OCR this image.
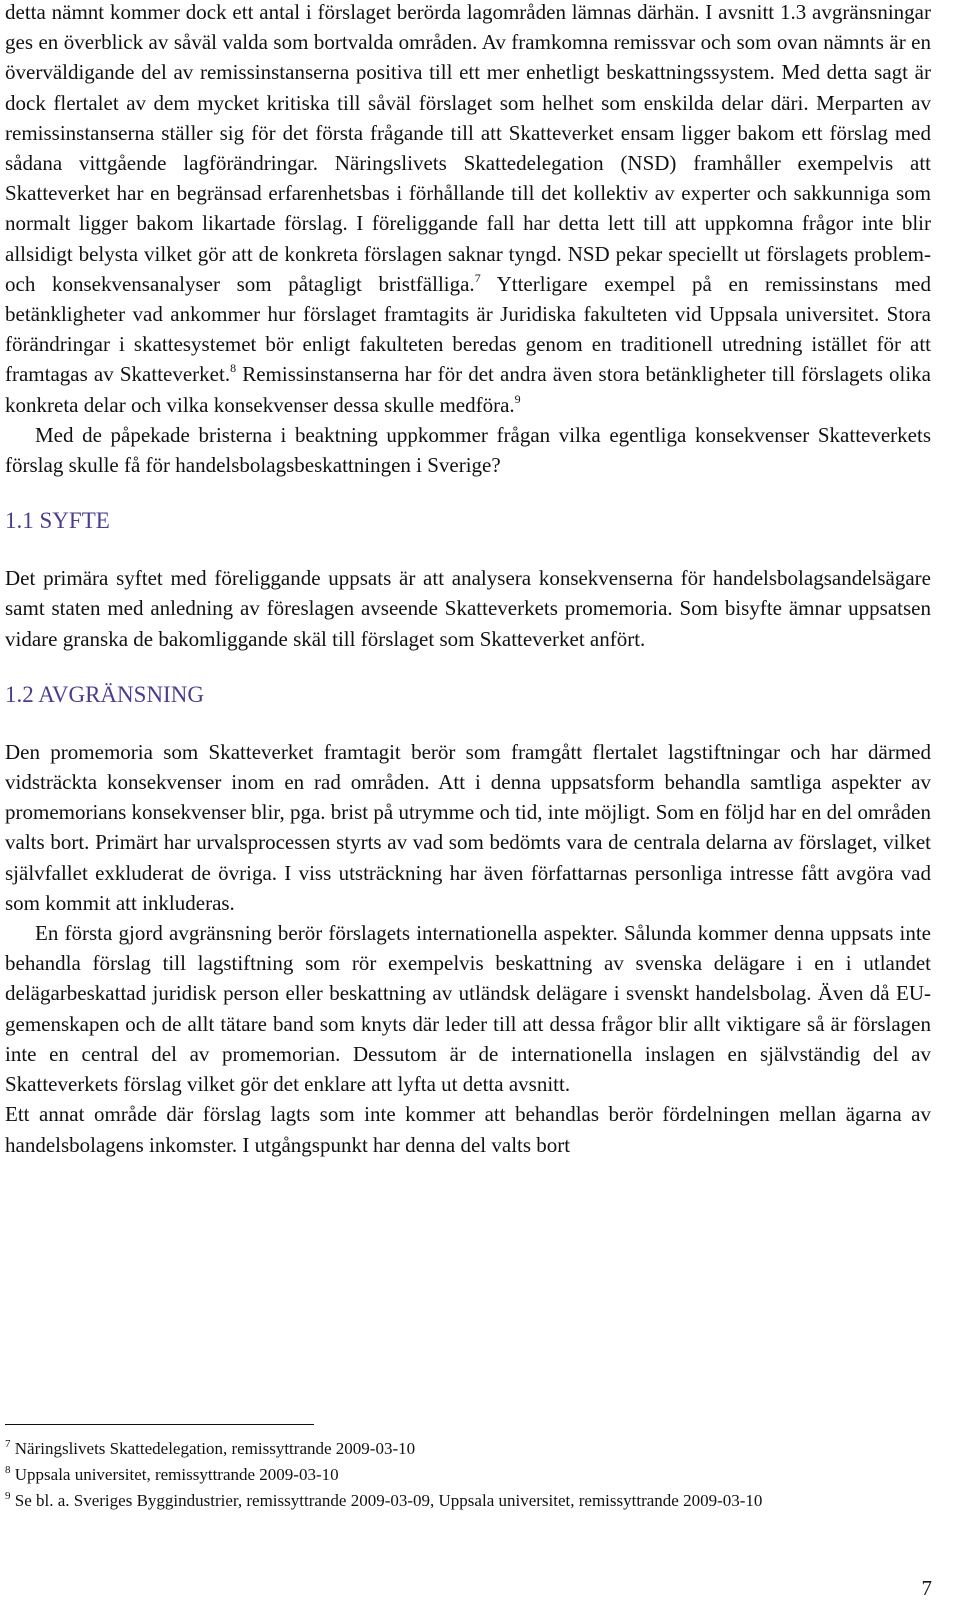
detta nämnt kommer dock ett antal i förslaget berörda lagområden lämnas därhän. I avsnitt 1.3 avgränsningar ges en överblick av såväl valda som bortvalda områden. Av framkomna remissvar och som ovan nämnts är en överväldigande del av remissinstanserna positiva till ett mer enhetligt beskattningssystem. Med detta sagt är dock flertalet av dem mycket kritiska till såväl förslaget som helhet som enskilda delar däri. Merparten av remissinstanserna ställer sig för det första frågande till att Skatteverket ensam ligger bakom ett förslag med sådana vittgående lagförändringar. Näringslivets Skattedelegation (NSD) framhåller exempelvis att Skatteverket har en begränsad erfarenhetsbas i förhållande till det kollektiv av experter och sakkunniga som normalt ligger bakom likartade förslag. I föreliggande fall har detta lett till att uppkomna frågor inte blir allsidigt belysta vilket gör att de konkreta förslagen saknar tyngd. NSD pekar speciellt ut förslagets problem- och konsekvensanalyser som påtagligt bristfälliga.$^7$ Ytterligare exempel på en remissinstans med betänkligheter vad ankommer hur förslaget framtagits är Juridiska fakulteten vid Uppsala universitet. Stora förändringar i skattesystemet bör enligt fakulteten beredas genom en traditionell utredning istället för att framtagas av Skatteverket.$^8$ Remissinstanserna har för det andra även stora betänkligheter till förslagets olika konkreta delar och vilka konsekvenser dessa skulle medföra.$^9$

Med de påpekade bristerna i beaktning uppkommer frågan vilka egentliga konsekvenser Skatteverkets förslag skulle få för handelsbolagsbeskattningen i Sverige?

1.1 SYFTE

Det primära syftet med föreliggande uppsats är att analysera konsekvenserna för handelsbolagsandelsägare samt staten med anledning av föreslagen avseende Skatteverkets promemoria. Som bisyfte ämnar uppsatsen vidare granska de bakomliggande skäl till förslaget som Skatteverket anfört.

1.2 AVGRÄNSNING

Den promemoria som Skatteverket framtagit berör som framgått flertalet lagstiftningar och har därmed vidsträckta konsekvenser inom en rad områden. Att i denna uppsatsform behandla samtliga aspekter av promemorians konsekvenser blir, pga. brist på utrymme och tid, inte möjligt. Som en följd har en del områden valts bort. Primärt har urvalsprocessen styrts av vad som bedömts vara de centrala delarna av förslaget, vilket självfallet exkluderat de övriga. I viss utsträckning har även författarnas personliga intresse fått avgöra vad som kommit att inkluderas.

En första gjord avgränsning berör förslagets internationella aspekter. Sålunda kommer denna uppsats inte behandla förslag till lagstiftning som rör exempelvis beskattning av svenska delägare i en i utlandet delägarbeskattad juridisk person eller beskattning av utländsk delägare i svenskt handelsbolag. Även då EU-gemenskapen och de allt tätare band som knyts där leder till att dessa frågor blir allt viktigare så är förslagen inte en central del av promemorian. Dessutom är de internationella inslagen en självständig del av Skatteverkets förslag vilket gör det enklare att lyfta ut detta avsnitt.

Ett annat område där förslag lagts som inte kommer att behandlas berör fördelningen mellan ägarna av handelsbolagens inkomster. I utgångspunkt har denna del valts bort

$^7$ Näringslivets Skattedelegation, remissyttrande 2009-03-10

$^8$ Uppsala universitet, remissyttrande 2009-03-10

$^9$ Se bl. a. Sveriges Byggindustrier, remissyttrande 2009-03-09, Uppsala universitet, remissyttrande 2009-03-10

7
